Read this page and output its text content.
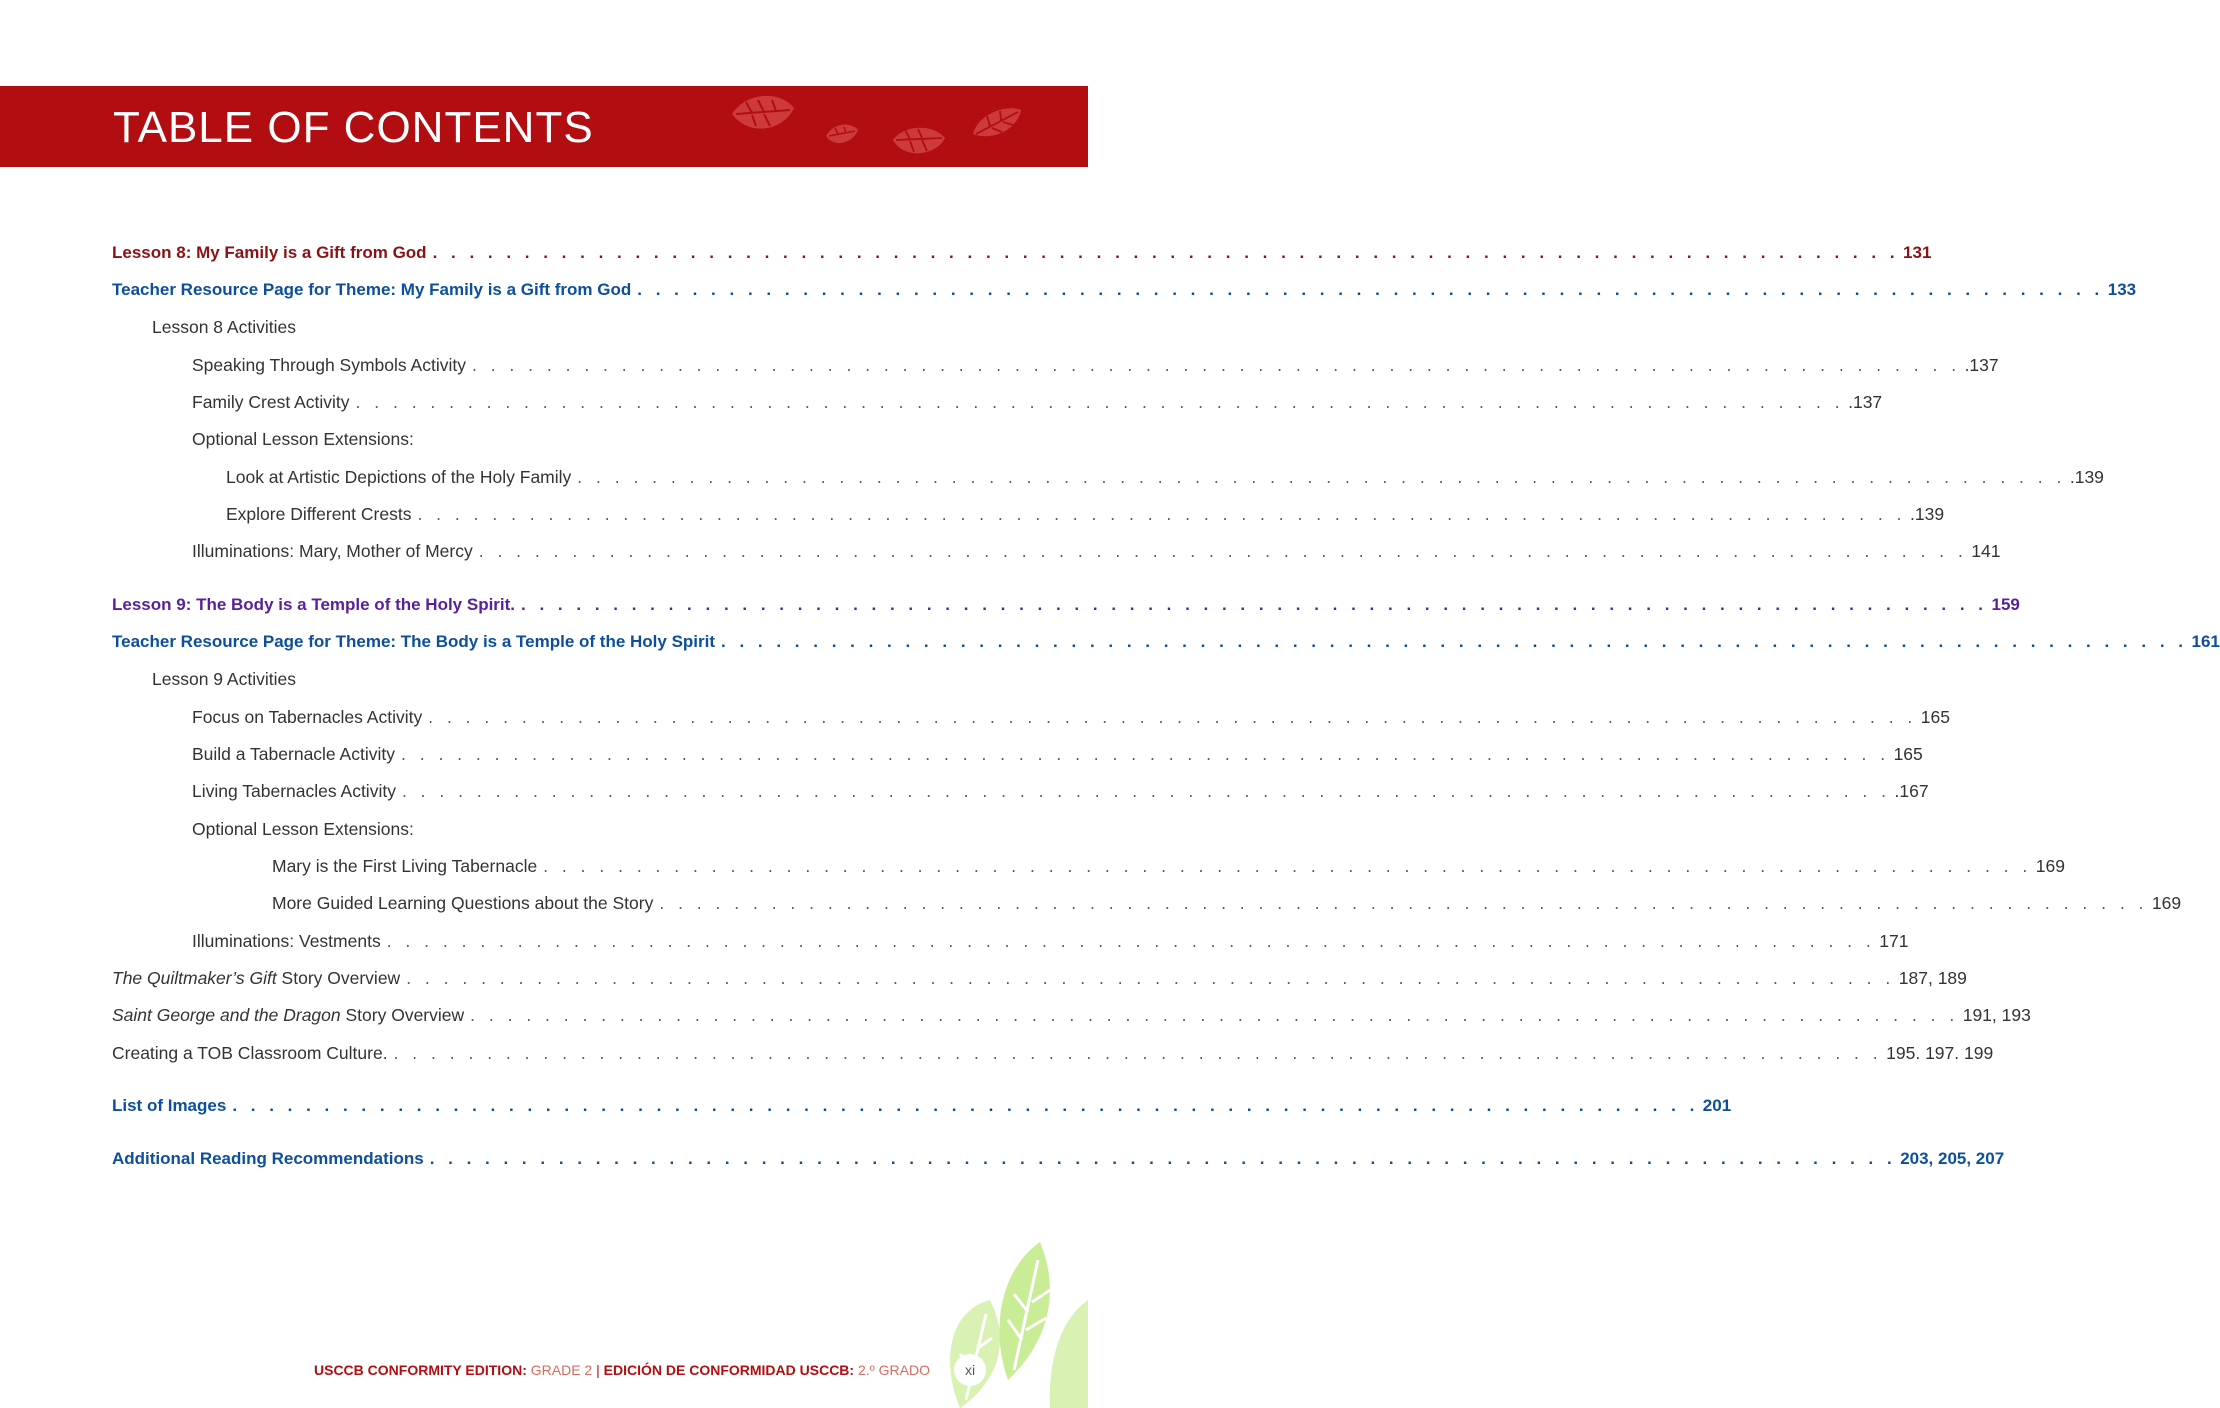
TABLE OF CONTENTS
Lesson 8: My Family is a Gift from God . . . . . . . . . . . . . . . . . . . . . . . . . . . . . . . . . . . . . . . . . . . . . . . . . . . . . . . . . . . . . . . . . . . . . . . . . . . . . . . . 131
Teacher Resource Page for Theme: My Family is a Gift from God . . . . . . . . . . . . . . . . . . . . . . . . . . . . . . . . . . . . . . . . . . . . . . . . . . . . . . . . . . . . . . . . . . . . . . . . . . . . . . . . 133
Lesson 8 Activities
Speaking Through Symbols Activity . . . . . . . . . . . . . . . . . . . . . . . . . . . . . . . . . . . . . . . . . . . . . . . . . . . . . . . . . . . . . . . . . . . . . . . . . . . . . . . . .137
Family Crest Activity . . . . . . . . . . . . . . . . . . . . . . . . . . . . . . . . . . . . . . . . . . . . . . . . . . . . . . . . . . . . . . . . . . . . . . . . . . . . . . . . .137
Optional Lesson Extensions:
Look at Artistic Depictions of the Holy Family . . . . . . . . . . . . . . . . . . . . . . . . . . . . . . . . . . . . . . . . . . . . . . . . . . . . . . . . . . . . . . . . . . . . . . . . . . . . . . . . .139
Explore Different Crests . . . . . . . . . . . . . . . . . . . . . . . . . . . . . . . . . . . . . . . . . . . . . . . . . . . . . . . . . . . . . . . . . . . . . . . . . . . . . . . . .139
Illuminations: Mary, Mother of Mercy . . . . . . . . . . . . . . . . . . . . . . . . . . . . . . . . . . . . . . . . . . . . . . . . . . . . . . . . . . . . . . . . . . . . . . . . . . . . . . . . 141
Lesson 9: The Body is a Temple of the Holy Spirit. . . . . . . . . . . . . . . . . . . . . . . . . . . . . . . . . . . . . . . . . . . . . . . . . . . . . . . . . . . . . . . . . . . . . . . . . . . . . . . . . 159
Teacher Resource Page for Theme: The Body is a Temple of the Holy Spirit . . . . . . . . . . . . . . . . . . . . . . . . . . . . . . . . . . . . . . . . . . . . . . . . . . . . . . . . . . . . . . . . . . . . . . . . . . . . . . . . 161
Lesson 9 Activities
Focus on Tabernacles Activity . . . . . . . . . . . . . . . . . . . . . . . . . . . . . . . . . . . . . . . . . . . . . . . . . . . . . . . . . . . . . . . . . . . . . . . . . . . . . . . . 165
Build a Tabernacle Activity . . . . . . . . . . . . . . . . . . . . . . . . . . . . . . . . . . . . . . . . . . . . . . . . . . . . . . . . . . . . . . . . . . . . . . . . . . . . . . . . 165
Living Tabernacles Activity . . . . . . . . . . . . . . . . . . . . . . . . . . . . . . . . . . . . . . . . . . . . . . . . . . . . . . . . . . . . . . . . . . . . . . . . . . . . . . . . .167
Optional Lesson Extensions:
Mary is the First Living Tabernacle . . . . . . . . . . . . . . . . . . . . . . . . . . . . . . . . . . . . . . . . . . . . . . . . . . . . . . . . . . . . . . . . . . . . . . . . . . . . . . . . 169
More Guided Learning Questions about the Story . . . . . . . . . . . . . . . . . . . . . . . . . . . . . . . . . . . . . . . . . . . . . . . . . . . . . . . . . . . . . . . . . . . . . . . . . . . . . . . . 169
Illuminations: Vestments . . . . . . . . . . . . . . . . . . . . . . . . . . . . . . . . . . . . . . . . . . . . . . . . . . . . . . . . . . . . . . . . . . . . . . . . . . . . . . . . 171
The Quiltmaker’s Gift Story Overview . . . . . . . . . . . . . . . . . . . . . . . . . . . . . . . . . . . . . . . . . . . . . . . . . . . . . . . . . . . . . . . . . . . . . . . . . . . . . . . . 187, 189
Saint George and the Dragon Story Overview . . . . . . . . . . . . . . . . . . . . . . . . . . . . . . . . . . . . . . . . . . . . . . . . . . . . . . . . . . . . . . . . . . . . . . . . . . . . . . . . 191, 193
Creating a TOB Classroom Culture. . . . . . . . . . . . . . . . . . . . . . . . . . . . . . . . . . . . . . . . . . . . . . . . . . . . . . . . . . . . . . . . . . . . . . . . . . . . . . . . . 195. 197. 199
List of Images . . . . . . . . . . . . . . . . . . . . . . . . . . . . . . . . . . . . . . . . . . . . . . . . . . . . . . . . . . . . . . . . . . . . . . . . . . . . . . . . 201
Additional Reading Recommendations . . . . . . . . . . . . . . . . . . . . . . . . . . . . . . . . . . . . . . . . . . . . . . . . . . . . . . . . . . . . . . . . . . . . . . . . . . . . . . . . 203, 205, 207
USCCB CONFORMITY EDITION: GRADE 2 | EDICIÓN DE CONFORMIDAD USCCB: 2.º GRADO	xi
